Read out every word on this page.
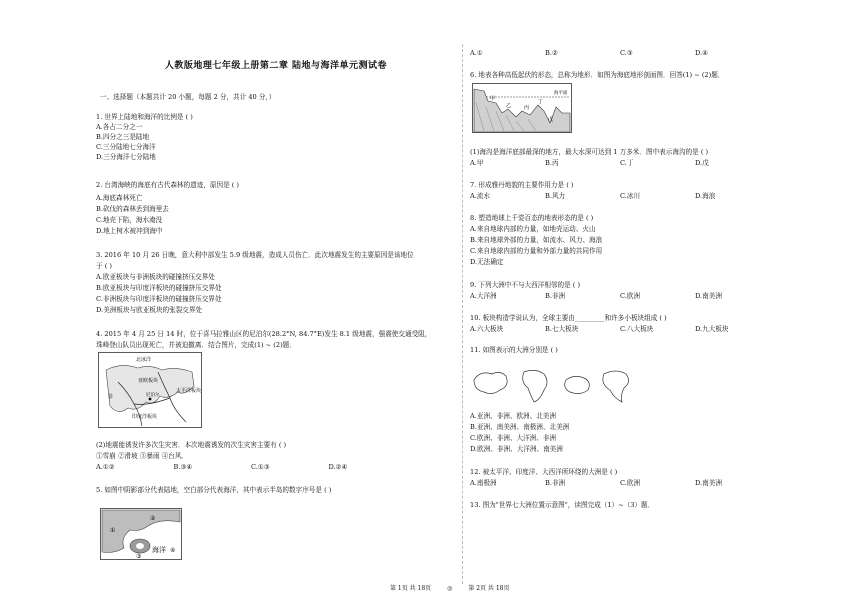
人教版地理七年级上册第二章 陆地与海洋单元测试卷
一、选择题（本题共计 20 小题，每题 2 分，共计 40 分，）
1. 世界上陆地和海洋的比例是 ( )
A.各占二分之一
B.四分之三是陆地
C.三分陆地七分海洋
D.三分海洋七分陆地
2. 台湾海峡的海底有古代森林的遗迹，原因是 ( )
A.海底森林死亡
B.砍伐的森林丢到海里去
C.地壳下陷，海水淹没
D.地上树木被冲到海中
3. 2016 年 10 月 26 日晚，意大利中部发生 5.9 级地震，造成人员伤亡．此次地震发生的主要原因是该地位
于 ( )
A.欧亚板块与非洲板块的碰撞挤压交界处
B.欧亚板块与印度洋板块的碰撞挤压交界处
C.非洲板块与印度洋板块的碰撞挤压交界处
D.美洲板块与欧亚板块的张裂交界处
4. 2015 年 4 月 25 日 14 时，位于喜马拉雅山区的尼泊尔(28.2°N, 84.7°E)发生 8.1 级地震，强震使交通受阻，
珠峰登山队员出现死亡，并被迫撤离．结合图片，完成(1) ~ (2)题．
北冰洋
亚欧板块
非
印度洋板块
太平洋板块
尼泊尔
(2)地震能诱发许多次生灾害．本次地震诱发的次生灾害主要有 ( )
①雪崩 ②滑坡 ③暴雨 ④台风．
A.①②	B.③④	C.①③	D.②④
5. 如图中阴影部分代表陆地，空白部分代表海洋，其中表示半岛的数字序号是 ( )
①
②
③
海洋 ④
A.①	B.②	C.③	D.④
6. 地表各种高低起伏的形态，总称为地形．如图为海底地形剖面图．回答(1) ~ (2)题．
海平面
甲
乙	丙
丁
戊
(1)海沟是海洋底部最深的地方，最大水深可达到 1 万多米．图中表示海沟的是 ( )
A.甲	B.丙	C.丁	D.戊
7. 形成雅丹地貌的主要作用力是 ( )
A.流水	B.风力	C.冰川	D.海浪
8. 塑造地球上千姿百态的地表形态的是 ( )
A.来自地球内部的力量，如地壳运动、火山
B.来自地球外部的力量，如流水、风力、海浪
C.来自地球内部的力量和外部力量的共同作用
D.无法确定
9. 下列大洲中不与大西洋相邻的是 ( )
A.大洋洲	B.非洲	C.欧洲	D.南美洲
10. 板块构造学说认为，全球主要由_________和许多小板块组成 ( )
A.六大板块	B.七大板块	C.八大板块	D.九大板块
11. 如图表示的大洲分别是 ( )
A.亚洲、非洲、欧洲、北美洲
B.亚洲、南美洲、南极洲、北美洲
C.欧洲、非洲、大洋洲、非洲
D.欧洲、非洲、大洋洲、南美洲
12. 被太平洋、印度洋、大西洋所环绕的大洲是 ( )
A.南极洲	B.非洲	C.欧洲	D.南美洲
13. 图为"世界七大洲位置示意图"，读图完成（1）~（3）题．
第 1页 共 18页	◎	第 2页 共 18页
